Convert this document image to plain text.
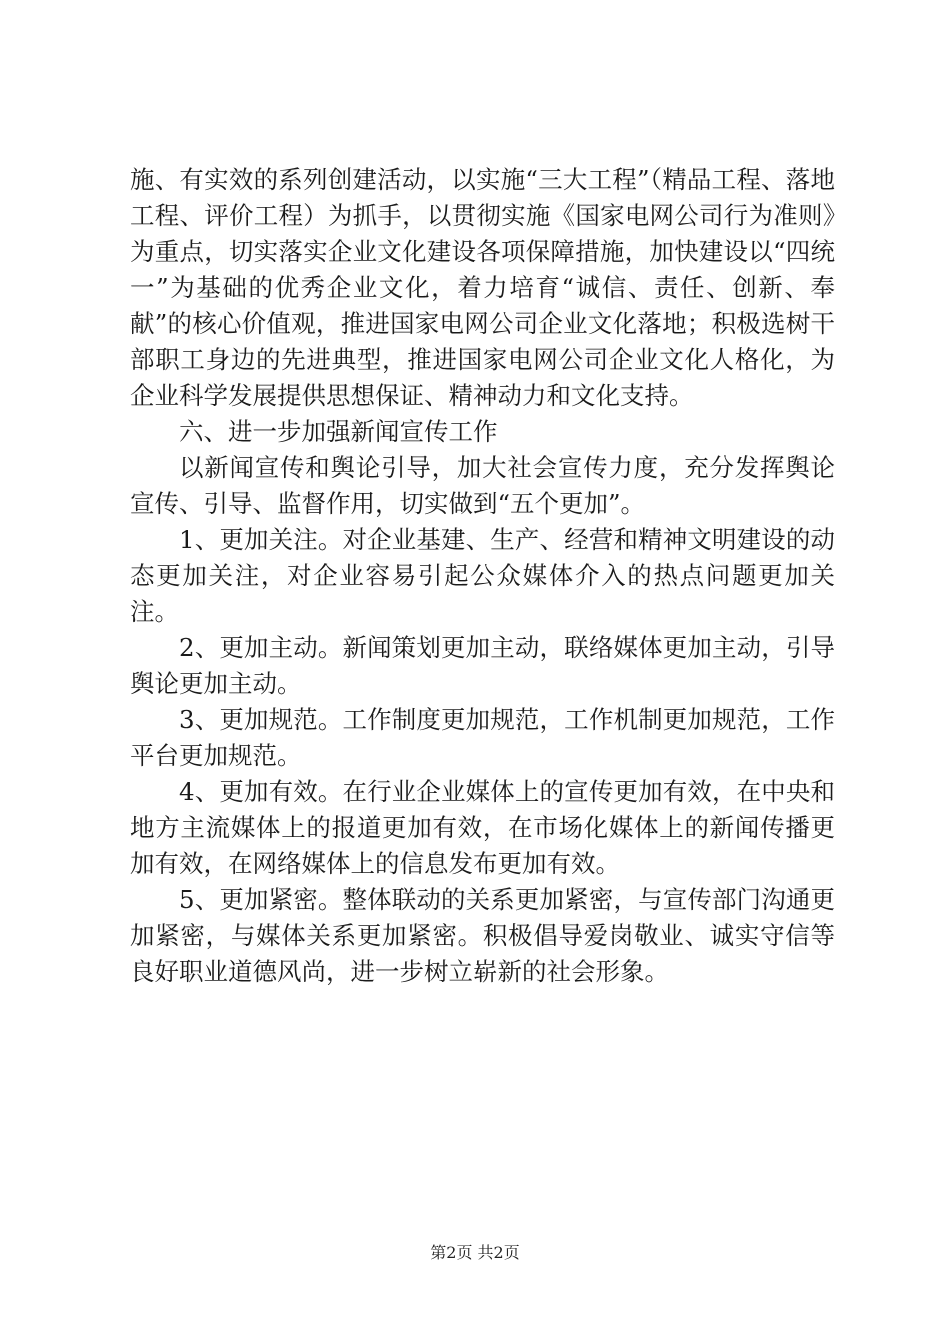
施、有实效的系列创建活动，以实施“三大工程”（精品工程、落地工程、评价工程）为抓手，以贯彻实施《国家电网公司行为准则》为重点，切实落实企业文化建设各项保障措施，加快建设以“四统一”为基础的优秀企业文化，着力培育“诚信、责任、创新、奉献”的核心价值观，推进国家电网公司企业文化落地；积极选树干部职工身边的先进典型，推进国家电网公司企业文化人格化，为企业科学发展提供思想保证、精神动力和文化支持。

六、进一步加强新闻宣传工作

以新闻宣传和舆论引导，加大社会宣传力度，充分发挥舆论宣传、引导、监督作用，切实做到“五个更加”。

1、更加关注。对企业基建、生产、经营和精神文明建设的动态更加关注，对企业容易引起公众媒体介入的热点问题更加关注。

2、更加主动。新闻策划更加主动，联络媒体更加主动，引导舆论更加主动。

3、更加规范。工作制度更加规范，工作机制更加规范，工作平台更加规范。

4、更加有效。在行业企业媒体上的宣传更加有效，在中央和地方主流媒体上的报道更加有效，在市场化媒体上的新闻传播更加有效，在网络媒体上的信息发布更加有效。

5、更加紧密。整体联动的关系更加紧密，与宣传部门沟通更加紧密，与媒体关系更加紧密。积极倡导爱岗敬业、诚实守信等良好职业道德风尚，进一步树立崭新的社会形象。

第2页 共2页
